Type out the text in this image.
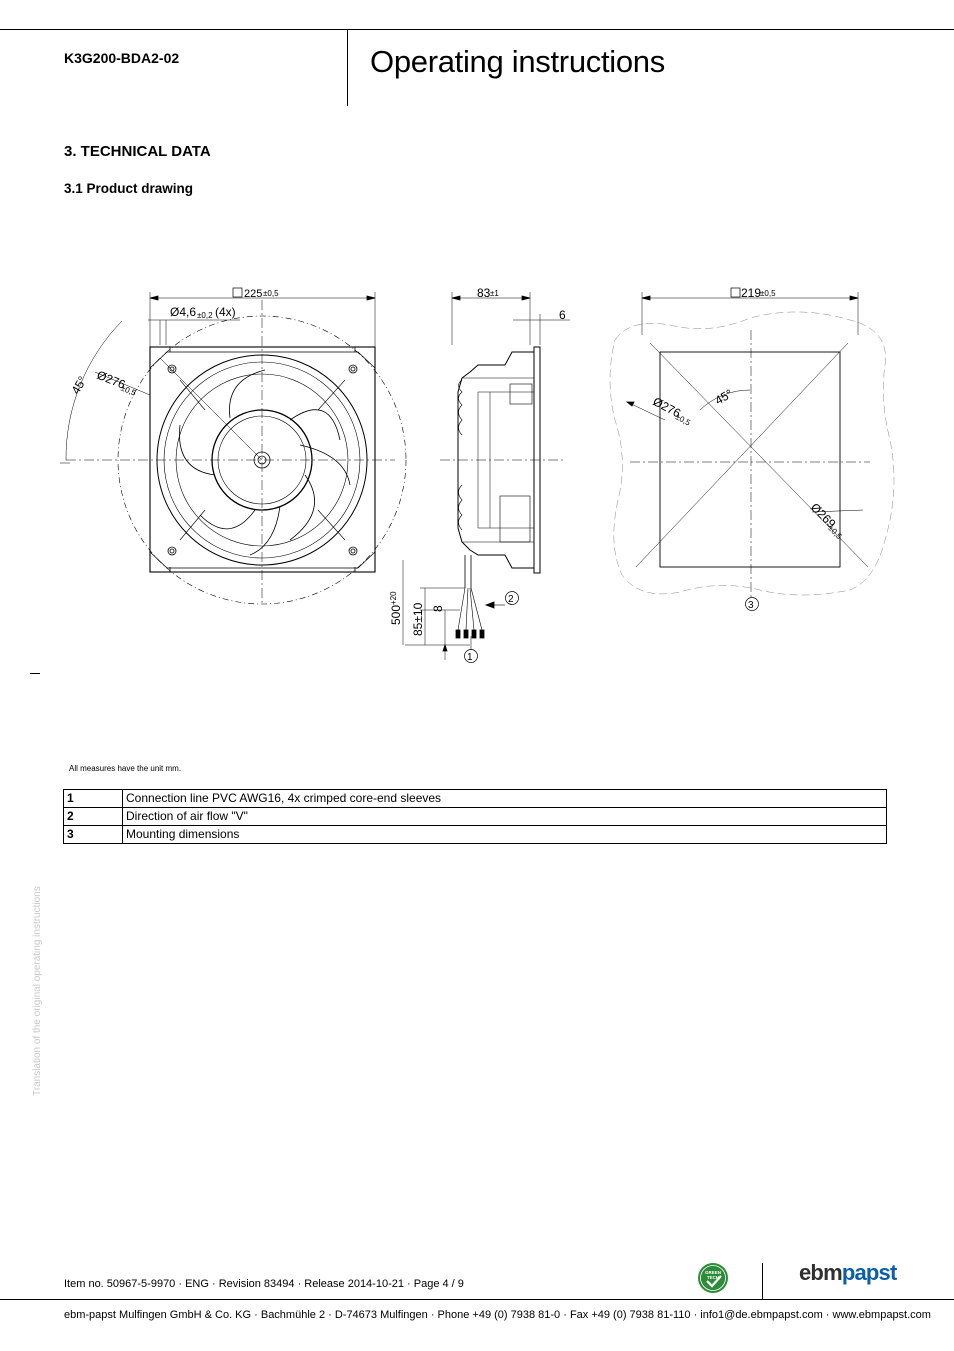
K3G200-BDA2-02	Operating instructions
3. TECHNICAL DATA
3.1 Product drawing
225 ±0,5
Ø4,6 ±0,2 (4x)
45° Ø276
±0,5
83 ±1
6
500
+20
85±10 8
2
1
219
±0,5
45°
Ø276
±0,5
Ø269
±0,5
3
All measures have the unit mm.
1	Connection line PVC AWG16, 4x crimped core-end sleeves
2	Direction of air flow "V"
3	Mounting dimensions
Translation of the original operating instructions
Item no. 50967-5-9970 · ENG · Revision 83494 · Release 2014-10-21 · Page 4 / 9
GREEN
TECH	ebmpapst
ebm-papst Mulfingen GmbH & Co. KG · Bachmühle 2 · D-74673 Mulfingen · Phone +49 (0) 7938 81-0 · Fax +49 (0) 7938 81-110 · info1@de.ebmpapst.com · www.ebmpapst.com
